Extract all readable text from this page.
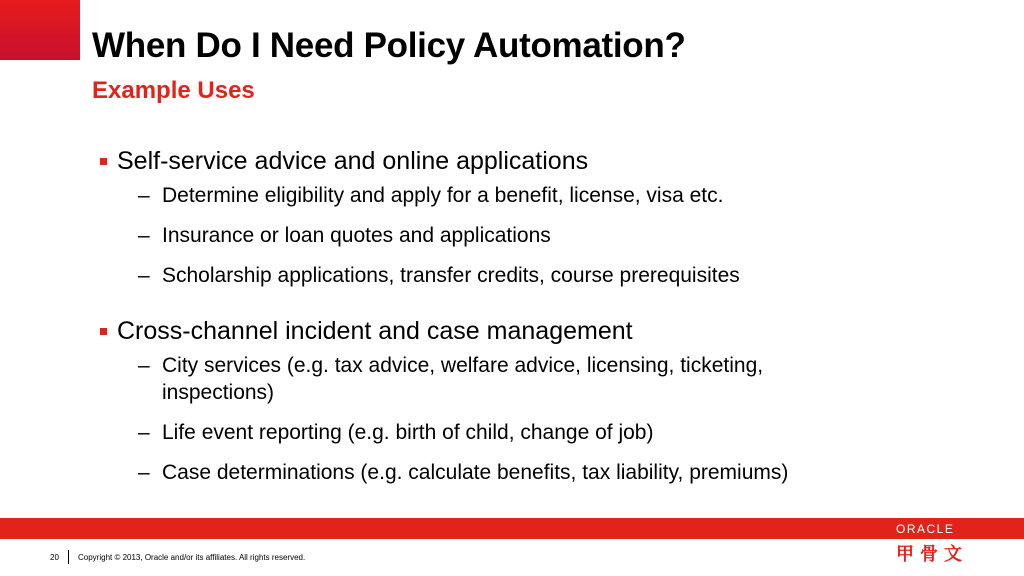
When Do I Need Policy Automation?
Example Uses
Self-service advice and online applications
– Determine eligibility and apply for a benefit, license, visa etc.
– Insurance or loan quotes and applications
– Scholarship applications, transfer credits, course prerequisites
Cross-channel incident and case management
– City services (e.g. tax advice, welfare advice, licensing, ticketing, inspections)
– Life event reporting (e.g. birth of child, change of job)
– Case determinations (e.g. calculate benefits, tax liability, premiums)
ORACLE
甲骨文
20 Copyright © 2013, Oracle and/or its affiliates. All rights reserved.
